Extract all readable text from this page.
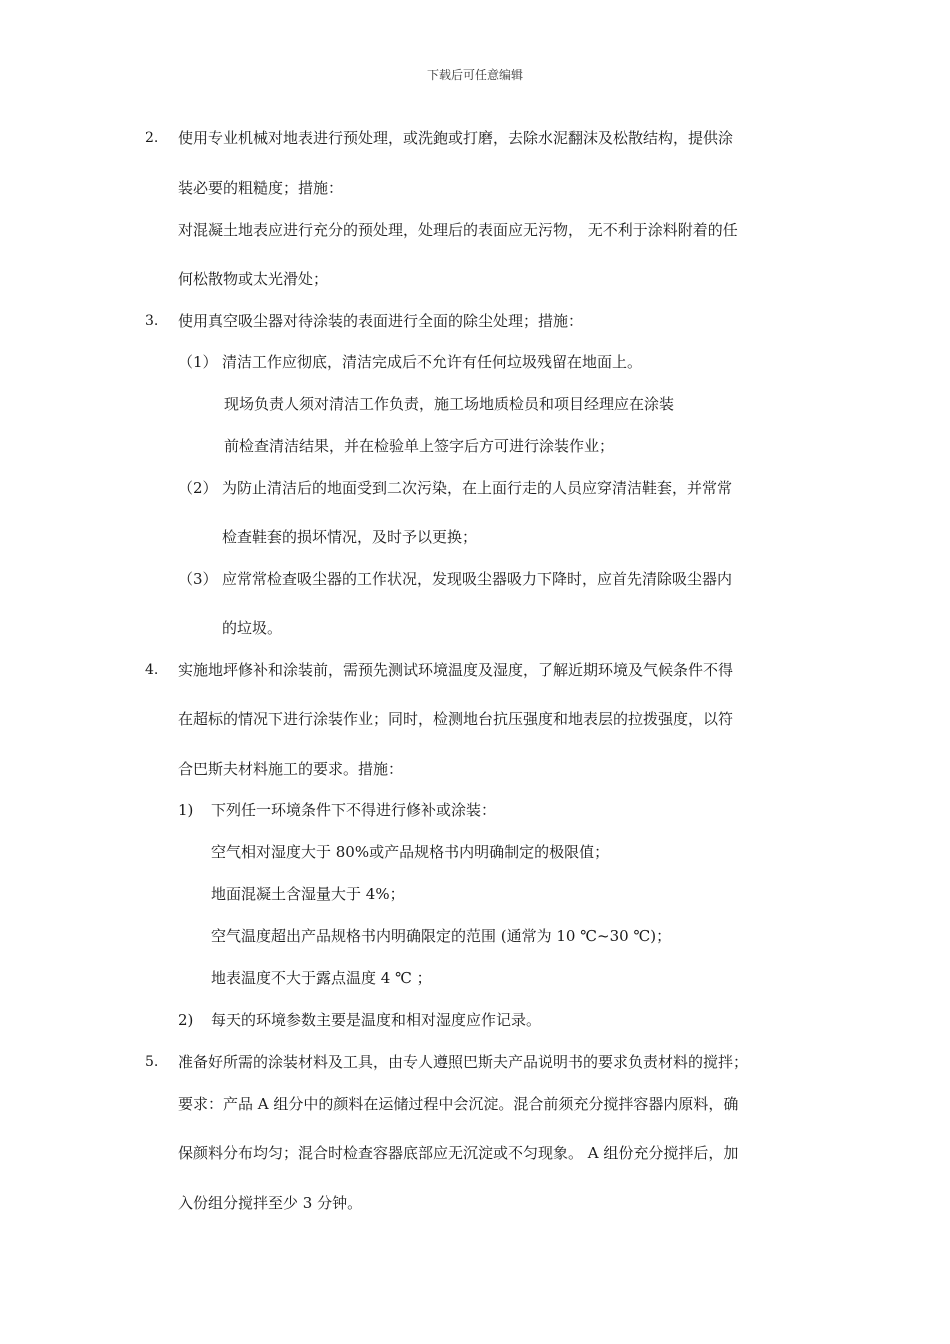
下载后可任意编辑
2. 使用专业机械对地表进行预处理，或洗鉋或打磨，去除水泥翻沫及松散结构，提供涂
装必要的粗糙度；措施：
对混凝土地表应进行充分的预处理，处理后的表面应无污物， 无不利于涂料附着的任
何松散物或太光滑处；
3. 使用真空吸尘器对待涂装的表面进行全面的除尘处理；措施：
（1） 清洁工作应彻底，清洁完成后不允许有任何垃圾残留在地面上。
现场负责人须对清洁工作负责，施工场地质检员和项目经理应在涂装
前检查清洁结果，并在检验单上签字后方可进行涂装作业；
（2） 为防止清洁后的地面受到二次污染，在上面行走的人员应穿清洁鞋套，并常常
检查鞋套的损坏情况，及时予以更换；
（3） 应常常检查吸尘器的工作状况，发现吸尘器吸力下降时，应首先清除吸尘器内
的垃圾。
4. 实施地坪修补和涂装前，需预先测试环境温度及湿度，了解近期环境及气候条件不得
在超标的情况下进行涂装作业；同时，检测地台抗压强度和地表层的拉拨强度，以符
合巴斯夫材料施工的要求。措施：
1) 下列任一环境条件下不得进行修补或涂装：
空气相对湿度大于 80%或产品规格书内明确制定的极限值；
地面混凝土含湿量大于 4%；
空气温度超出产品规格书内明确限定的范围 (通常为 10 ℃~30 ℃)；
地表温度不大于露点温度 4 ℃ ；
2) 每天的环境参数主要是温度和相对湿度应作记录。
5. 准备好所需的涂装材料及工具，由专人遵照巴斯夫产品说明书的要求负责材料的搅拌；
要求：产品 A 组分中的颜料在运储过程中会沉淀。混合前须充分搅拌容器内原料，确
保颜料分布均匀；混合时检查容器底部应无沉淀或不匀现象。 A 组份充分搅拌后，加
入份组分搅拌至少 3 分钟。
